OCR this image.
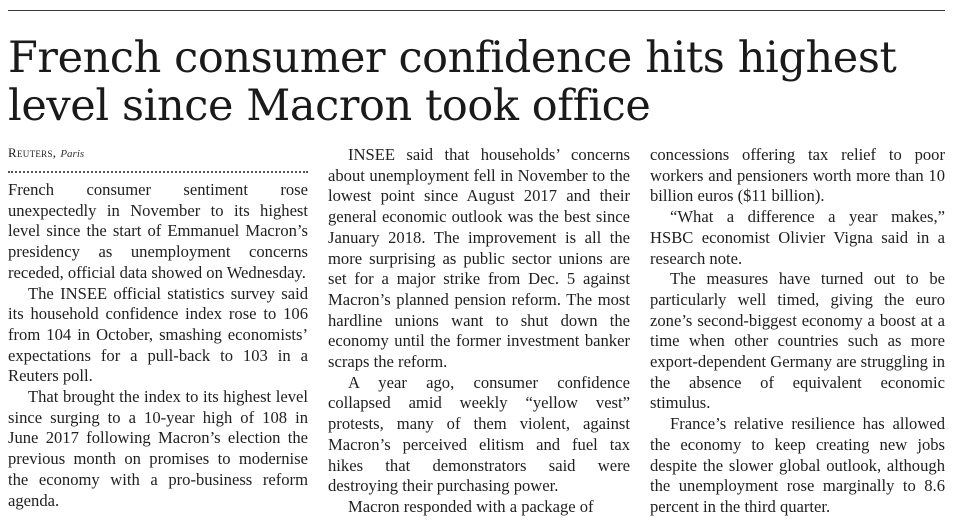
French consumer confidence hits highest level since Macron took office
Reuters, Paris

French consumer sentiment rose unexpectedly in November to its highest level since the start of Emmanuel Macron’s presidency as unemployment concerns receded, official data showed on Wednesday.

The INSEE official statistics survey said its household confidence index rose to 106 from 104 in October, smashing economists’ expectations for a pull-back to 103 in a Reuters poll.

That brought the index to its highest level since surging to a 10-year high of 108 in June 2017 following Macron’s election the previous month on promises to modernise the economy with a pro-business reform agenda.

INSEE said that households’ concerns about unemployment fell in November to the lowest point since August 2017 and their general economic outlook was the best since January 2018. The improvement is all the more surprising as public sector unions are set for a major strike from Dec. 5 against Macron’s planned pension reform. The most hardline unions want to shut down the economy until the former investment banker scraps the reform.

A year ago, consumer confidence collapsed amid weekly “yellow vest” protests, many of them violent, against Macron’s perceived elitism and fuel tax hikes that demonstrators said were destroying their purchasing power.

Macron responded with a package of

concessions offering tax relief to poor workers and pensioners worth more than 10 billion euros ($11 billion).

“What a difference a year makes,” HSBC economist Olivier Vigna said in a research note.

The measures have turned out to be particularly well timed, giving the euro zone’s second-biggest economy a boost at a time when other countries such as more export-dependent Germany are struggling in the absence of equivalent economic stimulus.

France’s relative resilience has allowed the economy to keep creating new jobs despite the slower global outlook, although the unemployment rose marginally to 8.6 percent in the third quarter.
